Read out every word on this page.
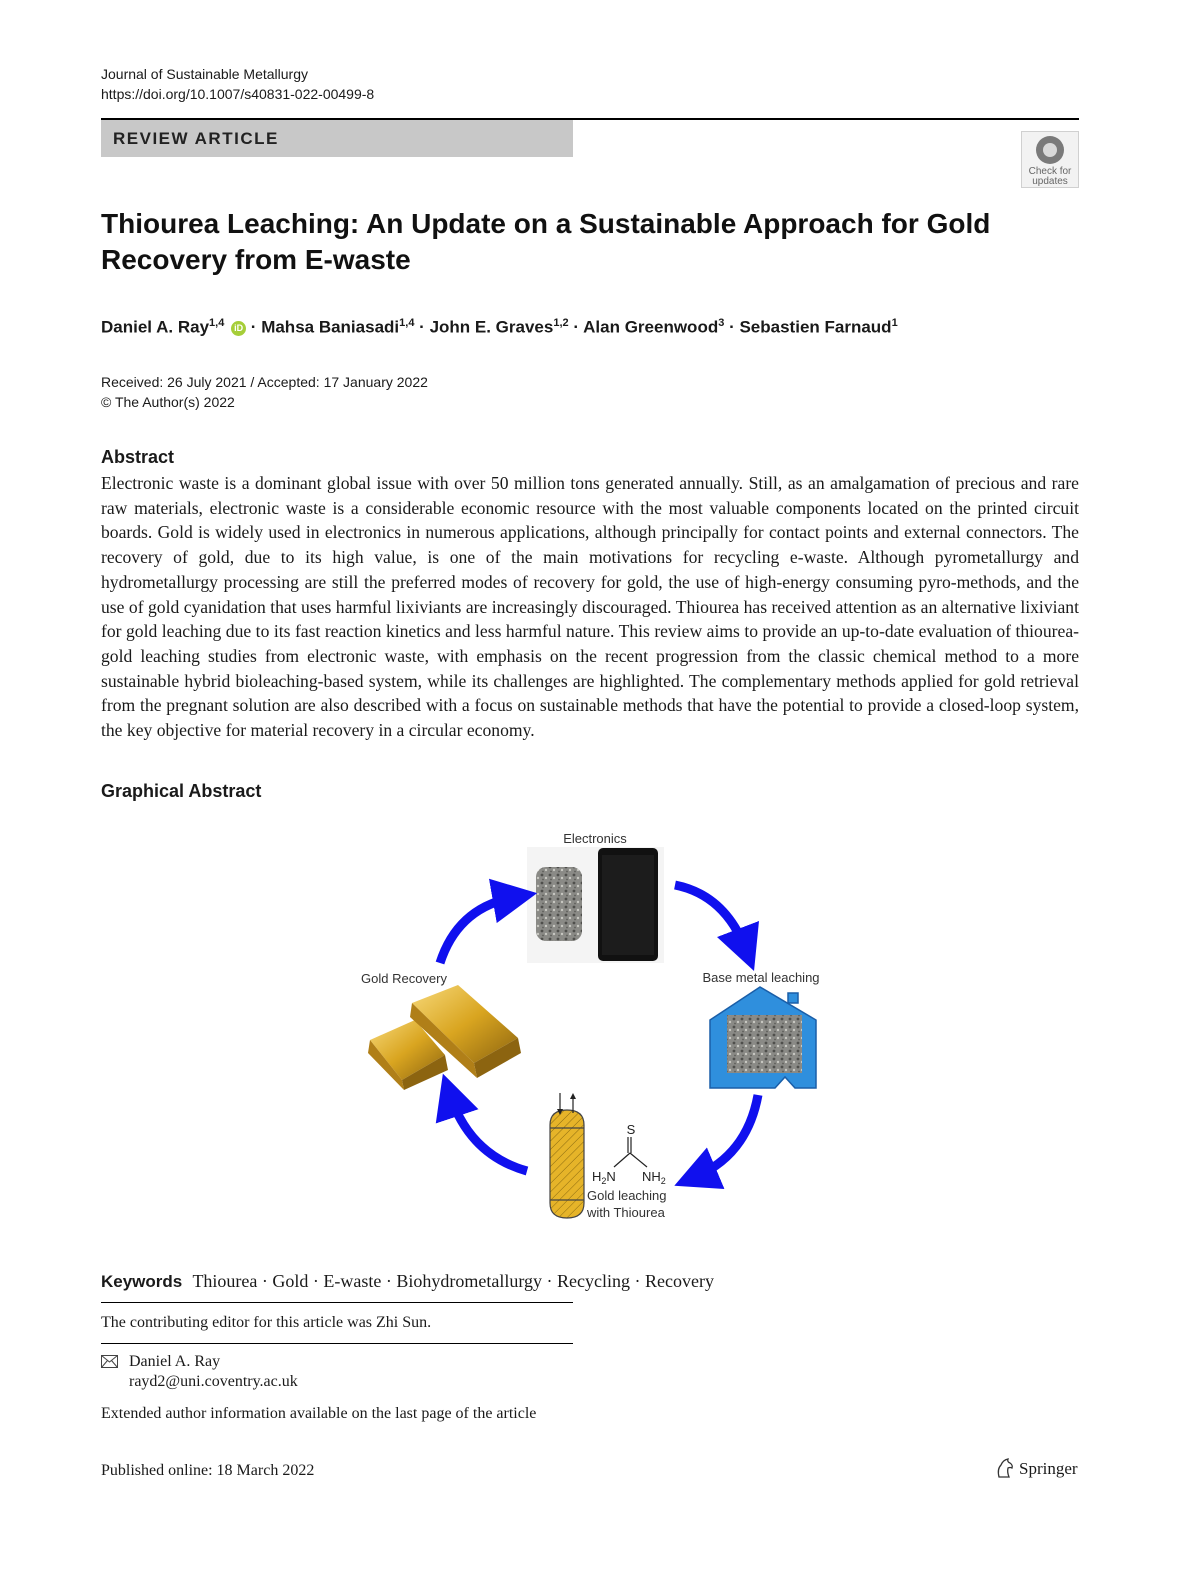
Journal of Sustainable Metallurgy
https://doi.org/10.1007/s40831-022-00499-8
REVIEW ARTICLE
Check for
updates
Thiourea Leaching: An Update on a Sustainable Approach for Gold Recovery from E-waste
Daniel A. Ray$^{1,4}$ iD · Mahsa Baniasadi$^{1,4}$ · John E. Graves$^{1,2}$ · Alan Greenwood$^3$ · Sebastien Farnaud$^1$
Received: 26 July 2021 / Accepted: 17 January 2022
© The Author(s) 2022
Abstract
Electronic waste is a dominant global issue with over 50 million tons generated annually. Still, as an amalgamation of precious and rare raw materials, electronic waste is a considerable economic resource with the most valuable components located on the printed circuit boards. Gold is widely used in electronics in numerous applications, although principally for contact points and external connectors. The recovery of gold, due to its high value, is one of the main motivations for recycling e-waste. Although pyrometallurgy and hydrometallurgy processing are still the preferred modes of recovery for gold, the use of high-energy consuming pyro-methods, and the use of gold cyanidation that uses harmful lixiviants are increasingly discouraged. Thiourea has received attention as an alternative lixiviant for gold leaching due to its fast reaction kinetics and less harmful nature. This review aims to provide an up-to-date evaluation of thiourea-gold leaching studies from electronic waste, with emphasis on the recent progression from the classic chemical method to a more sustainable hybrid bioleaching-based system, while its challenges are highlighted. The complementary methods applied for gold retrieval from the pregnant solution are also described with a focus on sustainable methods that have the potential to provide a closed-loop system, the key objective for material recovery in a circular economy.
Graphical Abstract
Electronics
Base metal leaching
Gold Recovery
S
$H_2N$ $NH_2$
Gold leaching
with Thiourea
Keywords Thiourea · Gold · E-waste · Biohydrometallurgy · Recycling · Recovery
The contributing editor for this article was Zhi Sun.
Daniel A. Ray
rayd2@uni.coventry.ac.uk
Extended author information available on the last page of the article
Published online: 18 March 2022	Springer
